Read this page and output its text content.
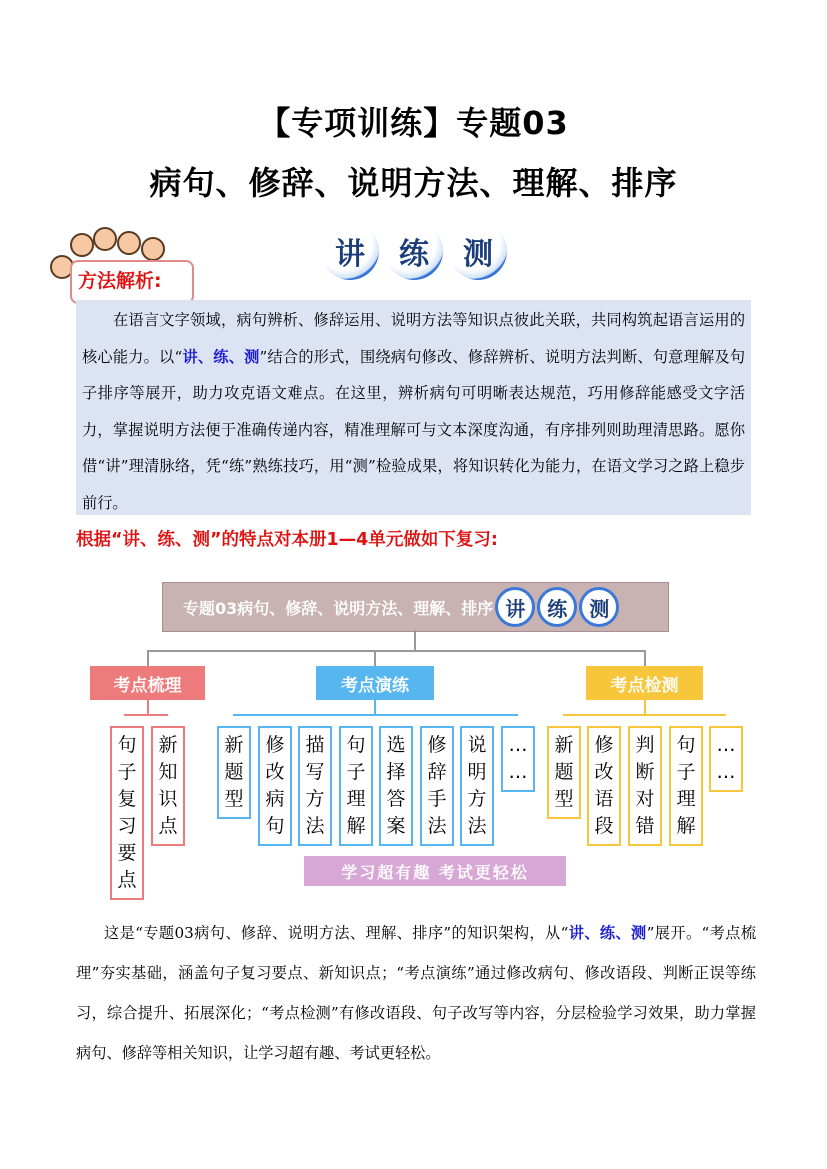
【专项训练】专题03
病句、修辞、说明方法、理解、排序
讲	练	测
方法解析:

在语言文字领域，病句辨析、修辞运用、说明方法等知识点彼此关联，共同构筑起语言运用的核心能力。以“讲、练、测”结合的形式，围绕病句修改、修辞辨析、说明方法判断、句意理解及句子排序等展开，助力攻克语文难点。在这里，辨析病句可明晰表达规范，巧用修辞能感受文字活力，掌握说明方法便于准确传递内容，精准理解可与文本深度沟通，有序排列则助理清思路。愿你借“讲”理清脉络，凭“练”熟练技巧，用“测”检验成果，将知识转化为能力，在语文学习之路上稳步前行。

根据“讲、练、测”的特点对本册1—4单元做如下复习:
专题03病句、修辞、说明方法、理解、排序 讲	练	测
考点梳理	考点演练	考点检测
句
子
复
习
要
点
新
知
识
点
新
题
型
修
改
病
句
描
写
方
法
句
子
理
解
选
择
答
案
修
辞
手
法
说
明
方
法
…
…
新
题
型
修
改
语
段
判
断
对
错
句
子
理
解
…
…
学习超有趣 考试更轻松

这是“专题03病句、修辞、说明方法、理解、排序”的知识架构，从“讲、练、测”展开。“考点梳理”夯实基础，涵盖句子复习要点、新知识点；“考点演练”通过修改病句、修改语段、判断正误等练习，综合提升、拓展深化；“考点检测”有修改语段、句子改写等内容，分层检验学习效果，助力掌握病句、修辞等相关知识，让学习超有趣、考试更轻松。
